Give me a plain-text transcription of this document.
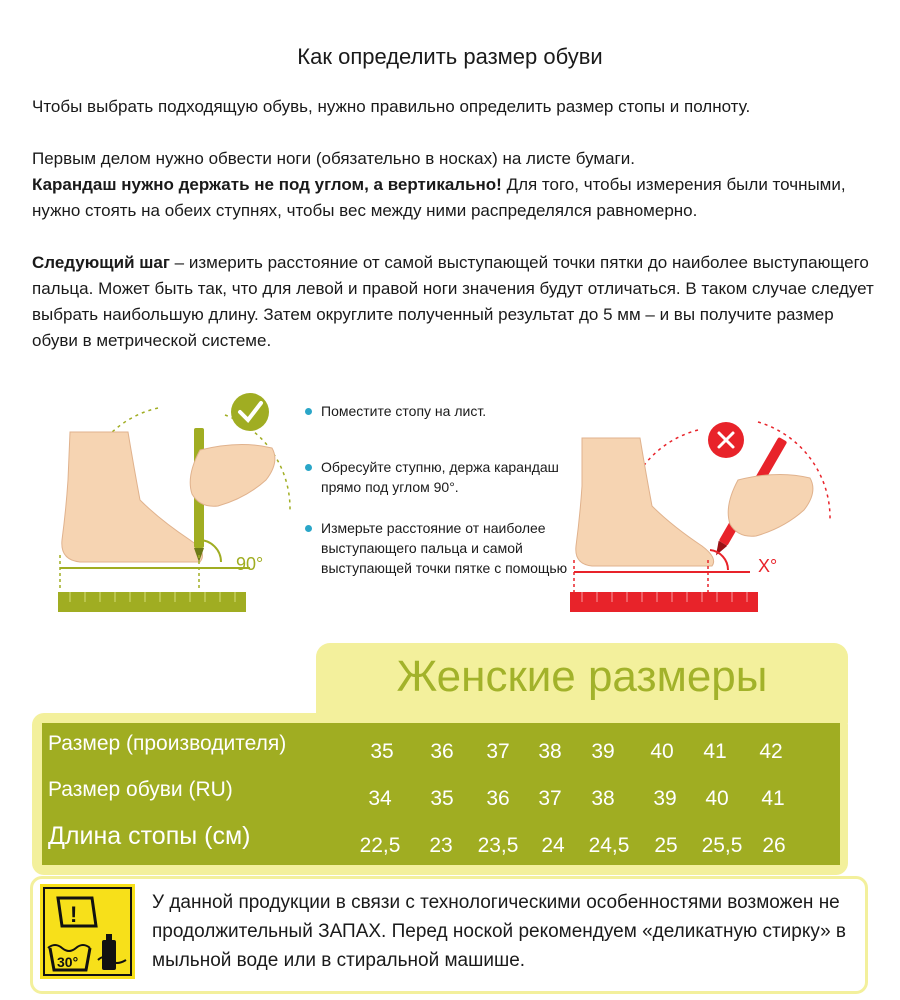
Как определить размер обуви
Чтобы выбрать подходящую обувь, нужно правильно определить размер стопы и полноту.
Первым делом нужно обвести ноги (обязательно в носках) на листе бумаги.
Карандаш нужно держать не под углом, а вертикально! Для того, чтобы измерения были точными, нужно стоять на обеих ступнях, чтобы вес между ними распределялся равномерно.
Следующий шаг – измерить расстояние от самой выступающей точки пятки до наиболее выступающего пальца. Может быть так, что для левой и правой ноги значения будут отличаться. В таком случае следует выбрать наибольшую длину. Затем округлите полученный результат до 5 мм – и вы получите размер обуви в метрической системе.
90°
Поместите стопу на лист.
Обресуйте ступню, держа карандаш прямо под углом 90°.
Измерьте расстояние от наиболее выступающего пальца и самой выступающей точки пятке с помощью	X°
Женские размеры
Размер (производителя)	35	36	37	38	39	40	41	42
Размер обуви (RU)	34	35	36	37	38	39	40	41
Длина стопы (см)	22,5	23	23,5	24	24,5	25	25,5 26
!
30°
У данной продукции в связи с технологическими особенностями возможен не продолжительный ЗАПАХ. Перед ноской рекомендуем «деликатную стирку» в мыльной воде или в стиральной машише.
